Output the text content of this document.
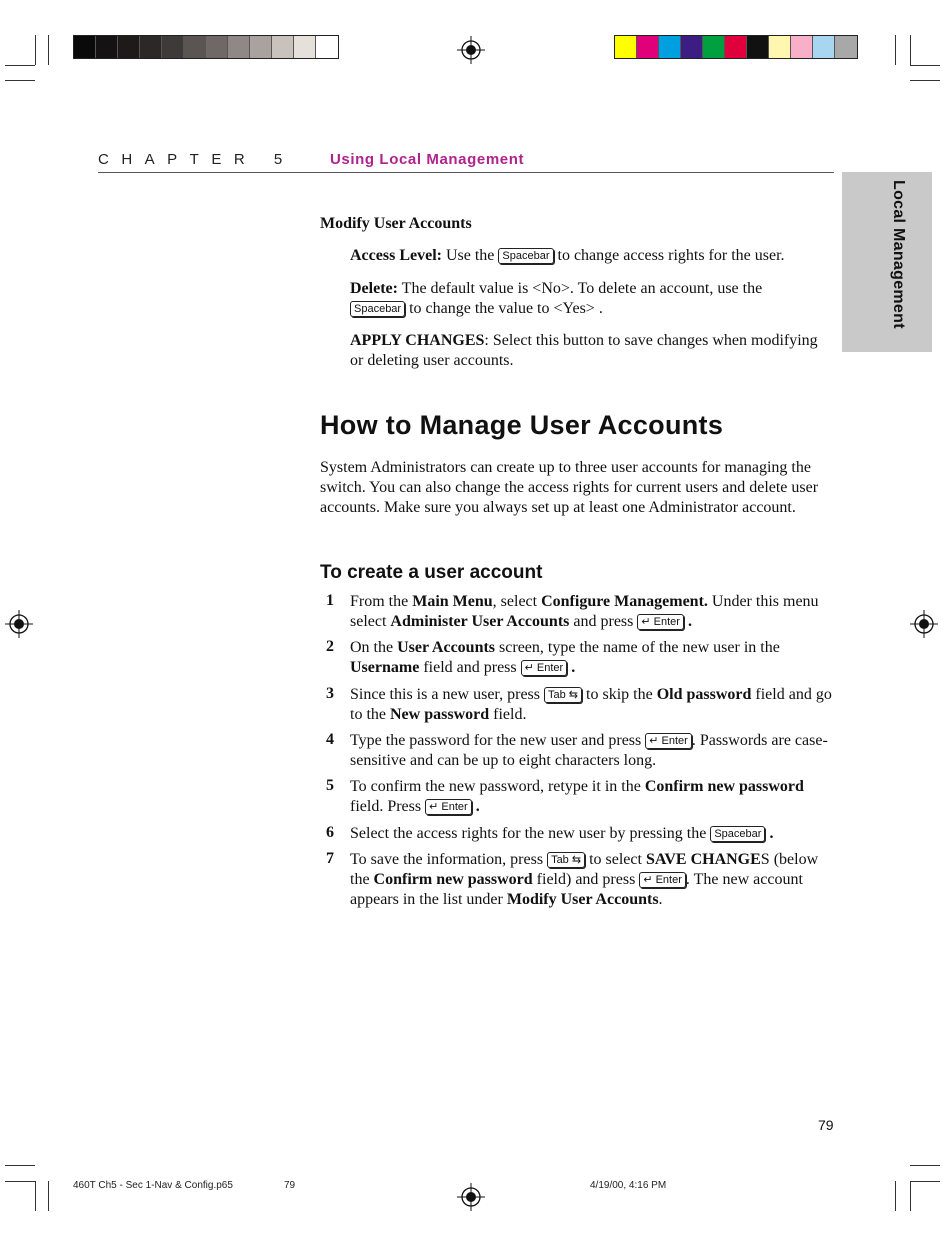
CHAPTER 5 Using Local Management
Local Management
Modify User Accounts
Access Level: Use the Spacebar to change access rights for the user.
Delete: The default value is <No>. To delete an account, use the
Spacebar to change the value to <Yes> .
APPLY CHANGES: Select this button to save changes when modifying or deleting user accounts.
How to Manage User Accounts
System Administrators can create up to three user accounts for managing the switch. You can also change the access rights for current users and delete user accounts. Make sure you always set up at least one Administrator account.
To create a user account
1 From the Main Menu, select Configure Management. Under this menu select Administer User Accounts and press ↵ Enter .
2 On the User Accounts screen, type the name of the new user in the Username field and press ↵ Enter .
3 Since this is a new user, press Tab ⇆ to skip the Old password field and go to the New password field.
4 Type the password for the new user and press ↵ Enter . Passwords are case-sensitive and can be up to eight characters long.
5 To confirm the new password, retype it in the Confirm new password field. Press ↵ Enter .
6 Select the access rights for the new user by pressing the Spacebar .
7 To save the information, press Tab ⇆ to select SAVE CHANGES (below the Confirm new password field) and press ↵ Enter . The new account appears in the list under Modify User Accounts.
79
460T Ch5 - Sec 1-Nav & Config.p65	79	4/19/00, 4:16 PM
